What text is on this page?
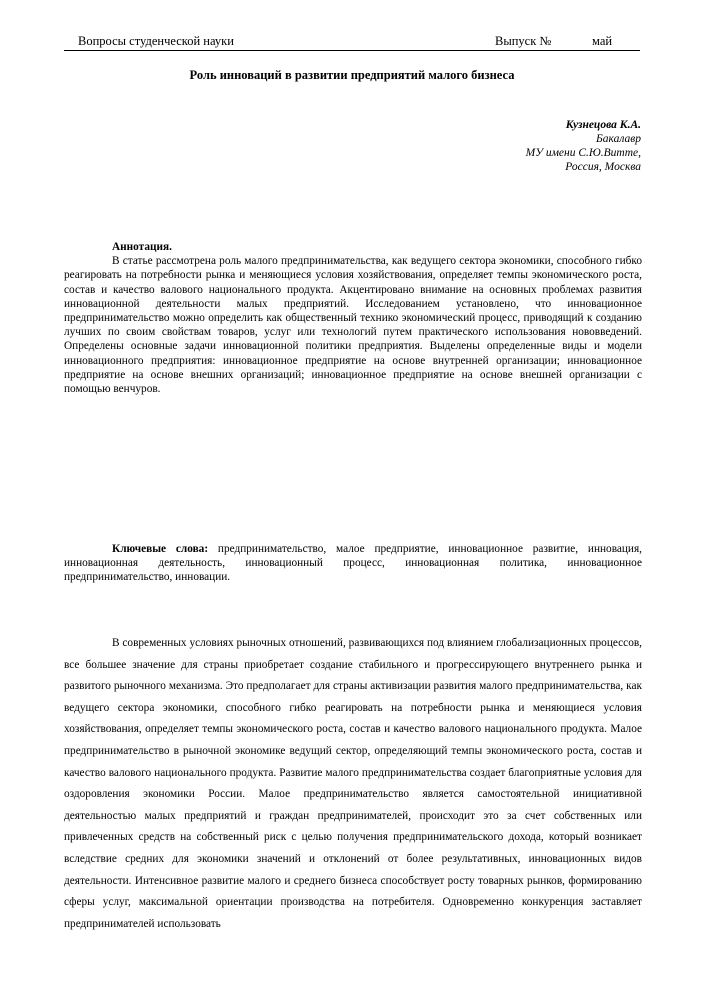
Вопросы студенческой науки	Выпуск №	май
Роль инноваций в развитии предприятий малого бизнеса
Кузнецова К.А.
Бакалавр
МУ имени С.Ю.Витте,
Россия, Москва
Аннотация.

В статье рассмотрена роль малого предпринимательства, как ведущего сектора экономики, способного гибко реагировать на потребности рынка и меняющиеся условия хозяйствования, определяет темпы экономического роста, состав и качество валового национального продукта. Акцентировано внимание на основных проблемах развития инновационной деятельности малых предприятий. Исследованием установлено, что инновационное предпринимательство можно определить как общественный технико экономический процесс, приводящий к созданию лучших по своим свойствам товаров, услуг или технологий путем практического использования нововведений. Определены основные задачи инновационной политики предприятия. Выделены определенные виды и модели инновационного предприятия: инновационное предприятие на основе внутренней организации; инновационное предприятие на основе внешних организаций; инновационное предприятие на основе внешней организации с помощью венчуров.

Ключевые слова: предпринимательство, малое предприятие, инновационное развитие, инновация, инновационная деятельность, инновационный процесс, инновационная политика, инновационное предпринимательство, инновации.

В современных условиях рыночных отношений, развивающихся под влиянием глобализационных процессов, все большее значение для страны приобретает создание стабильного и прогрессирующего внутреннего рынка и развитого рыночного механизма. Это предполагает для страны активизации развития малого предпринимательства, как ведущего сектора экономики, способного гибко реагировать на потребности рынка и меняющиеся условия хозяйствования, определяет темпы экономического роста, состав и качество валового национального продукта. Малое предпринимательство в рыночной экономике ведущий сектор, определяющий темпы экономического роста, состав и качество валового национального продукта. Развитие малого предпринимательства создает благоприятные условия для оздоровления экономики России. Малое предпринимательство является самостоятельной инициативной деятельностью малых предприятий и граждан предпринимателей, происходит это за счет собственных или привлеченных средств на собственный риск с целью получения предпринимательского дохода, который возникает вследствие средних для экономики значений и отклонений от более результативных, инновационных видов деятельности. Интенсивное развитие малого и среднего бизнеса способствует росту товарных рынков, формированию сферы услуг, максимальной ориентации производства на потребителя. Одновременно конкуренция заставляет предпринимателей использовать
